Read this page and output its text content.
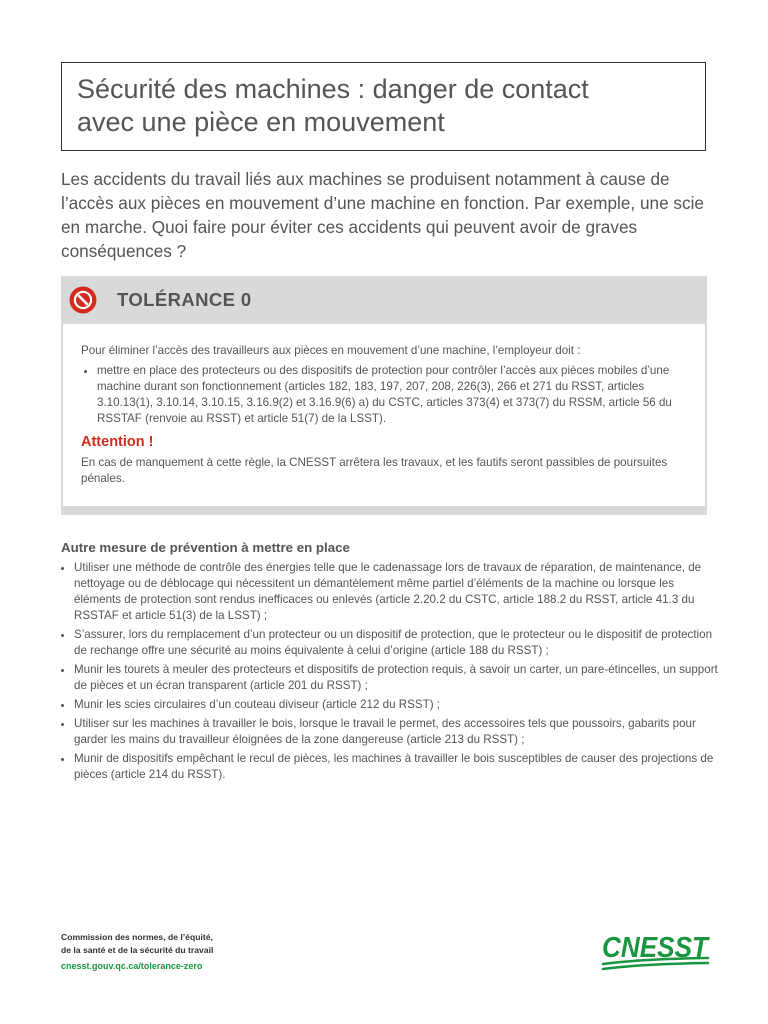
Sécurité des machines : danger de contact
avec une pièce en mouvement
Les accidents du travail liés aux machines se produisent notamment à cause de l’accès aux pièces en mouvement d’une machine en fonction. Par exemple, une scie en marche. Quoi faire pour éviter ces accidents qui peuvent avoir de graves conséquences ?
TOLÉRANCE 0

Pour éliminer l’accès des travailleurs aux pièces en mouvement d’une machine, l’employeur doit :

• mettre en place des protecteurs ou des dispositifs de protection pour contrôler l’accès aux pièces mobiles d’une machine durant son fonctionnement (articles 182, 183, 197, 207, 208, 226(3), 266 et 271 du RSST, articles 3.10.13(1), 3.10.14, 3.10.15, 3.16.9(2) et 3.16.9(6) a) du CSTC, articles 373(4) et 373(7) du RSSM, article 56 du RSSTAF (renvoie au RSST) et article 51(7) de la LSST).

Attention !

En cas de manquement à cette règle, la CNESST arrêtera les travaux, et les fautifs seront passibles de poursuites pénales.

Autre mesure de prévention à mettre en place
• Utiliser une méthode de contrôle des énergies telle que le cadenassage lors de travaux de réparation, de maintenance, de nettoyage ou de déblocage qui nécessitent un démantèlement même partiel d’éléments de la machine ou lorsque les éléments de protection sont rendus inefficaces ou enlevés (article 2.20.2 du CSTC, article 188.2 du RSST, article 41.3 du RSSTAF et article 51(3) de la LSST) ;
• S’assurer, lors du remplacement d’un protecteur ou un dispositif de protection, que le protecteur ou le dispositif de protection de rechange offre une sécurité au moins équivalente à celui d’origine (article 188 du RSST) ;
• Munir les tourets à meuler des protecteurs et dispositifs de protection requis, à savoir un carter, un pare-étincelles, un support de pièces et un écran transparent (article 201 du RSST) ;
• Munir les scies circulaires d’un couteau diviseur (article 212 du RSST) ;
• Utiliser sur les machines à travailler le bois, lorsque le travail le permet, des accessoires tels que poussoirs, gabarits pour garder les mains du travailleur éloignées de la zone dangereuse (article 213 du RSST) ;
• Munir de dispositifs empêchant le recul de pièces, les machines à travailler le bois susceptibles de causer des projections de pièces (article 214 du RSST).
Commission des normes, de l’équité,
de la santé et de la sécurité du travail
cnesst.gouv.qc.ca/tolerance-zero
CNESST
